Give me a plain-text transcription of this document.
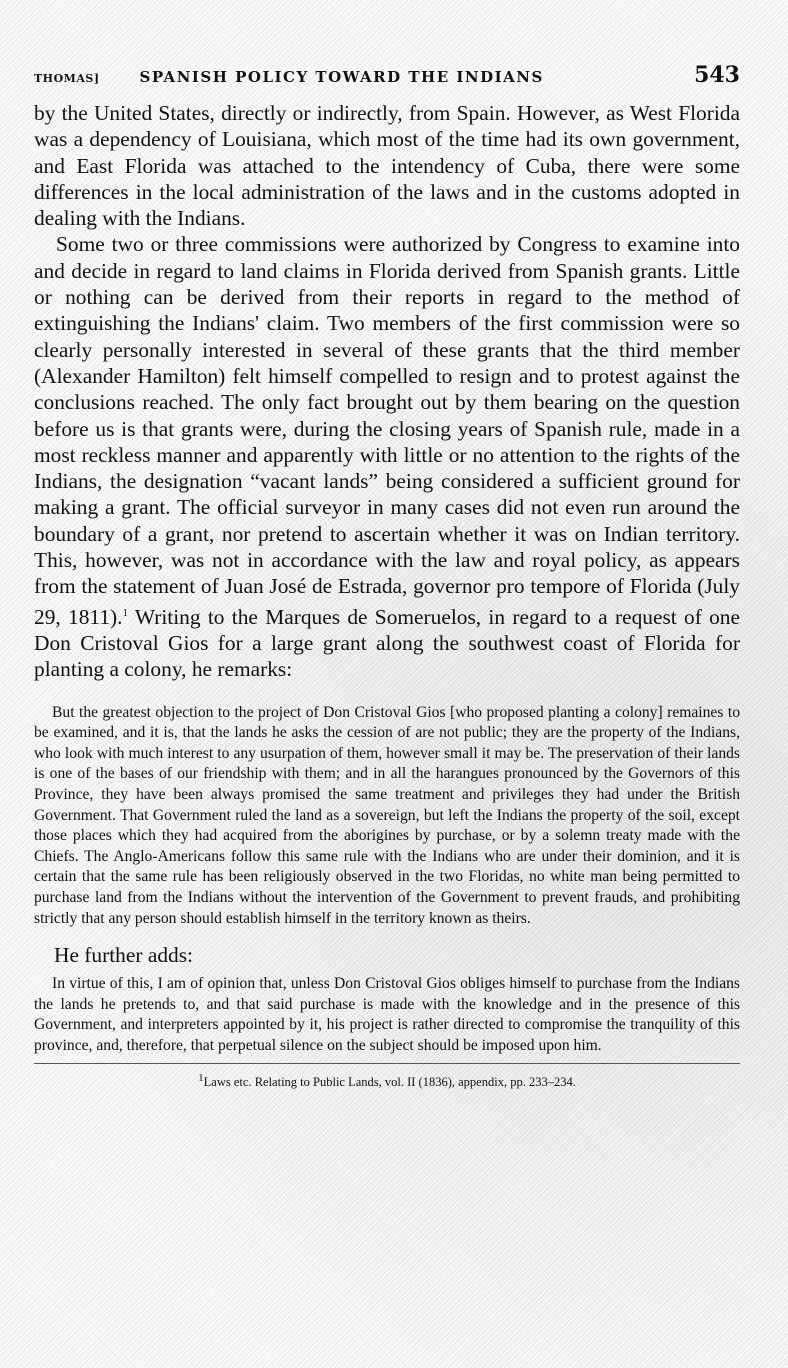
THOMAS]	SPANISH POLICY TOWARD THE INDIANS	543

by the United States, directly or indirectly, from Spain. However, as West Florida was a dependency of Louisiana, which most of the time had its own government, and East Florida was attached to the intendency of Cuba, there were some differences in the local administration of the laws and in the customs adopted in dealing with the Indians.

Some two or three commissions were authorized by Congress to examine into and decide in regard to land claims in Florida derived from Spanish grants. Little or nothing can be derived from their reports in regard to the method of extinguishing the Indians' claim. Two members of the first commission were so clearly personally interested in several of these grants that the third member (Alexander Hamilton) felt himself compelled to resign and to protest against the conclusions reached. The only fact brought out by them bearing on the question before us is that grants were, during the closing years of Spanish rule, made in a most reckless manner and apparently with little or no attention to the rights of the Indians, the designation “vacant lands” being considered a sufficient ground for making a grant. The official surveyor in many cases did not even run around the boundary of a grant, nor pretend to ascertain whether it was on Indian territory. This, however, was not in accordance with the law and royal policy, as appears from the statement of Juan José de Estrada, governor pro tempore of Florida (July 29, 1811).$^1$ Writing to the Marques de Someruelos, in regard to a request of one Don Cristoval Gios for a large grant along the southwest coast of Florida for planting a colony, he remarks:

But the greatest objection to the project of Don Cristoval Gios [who proposed planting a colony] remaines to be examined, and it is, that the lands he asks the cession of are not public; they are the property of the Indians, who look with much interest to any usurpation of them, however small it may be. The preservation of their lands is one of the bases of our friendship with them; and in all the harangues pronounced by the Governors of this Province, they have been always promised the same treatment and privileges they had under the British Government. That Government ruled the land as a sovereign, but left the Indians the property of the soil, except those places which they had acquired from the aborigines by purchase, or by a solemn treaty made with the Chiefs. The Anglo-Americans follow this same rule with the Indians who are under their dominion, and it is certain that the same rule has been religiously observed in the two Floridas, no white man being permitted to purchase land from the Indians without the intervention of the Government to prevent frauds, and prohibiting strictly that any person should establish himself in the territory known as theirs.

He further adds:

In virtue of this, I am of opinion that, unless Don Cristoval Gios obliges himself to purchase from the Indians the lands he pretends to, and that said purchase is made with the knowledge and in the presence of this Government, and interpreters appointed by it, his project is rather directed to compromise the tranquility of this province, and, therefore, that perpetual silence on the subject should be imposed upon him.

$^1$Laws etc. Relating to Public Lands, vol. II (1836), appendix, pp. 233–234.
